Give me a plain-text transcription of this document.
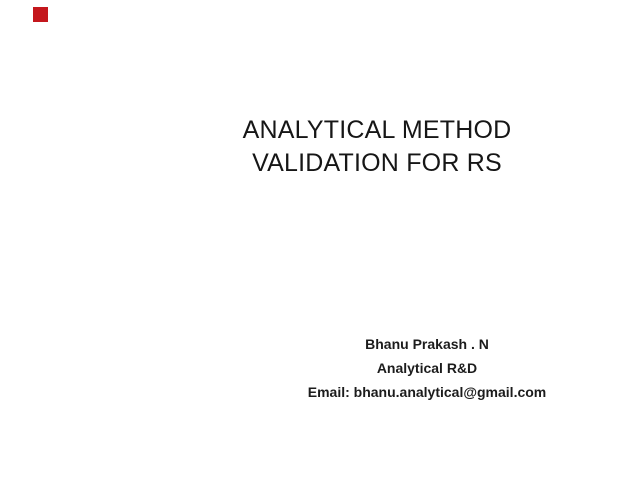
ANALYTICAL METHOD
VALIDATION FOR RS
Bhanu Prakash . N
Analytical R&D
Email: bhanu.analytical@gmail.com
